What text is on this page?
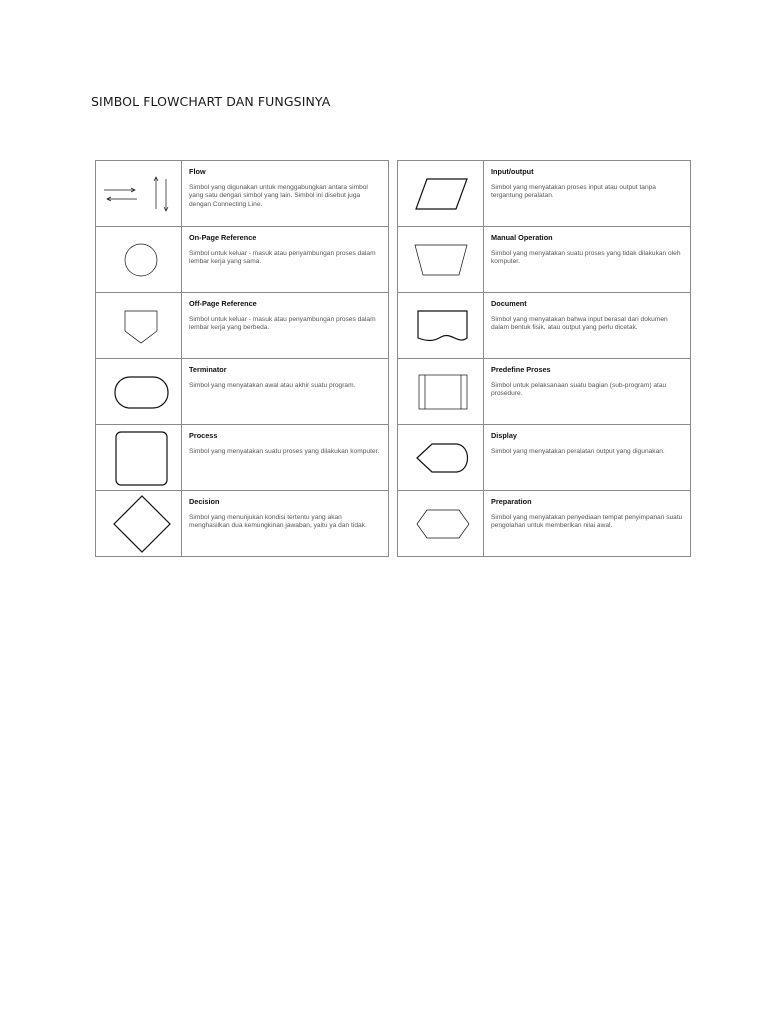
SIMBOL FLOWCHART DAN FUNGSINYA

Flow
Simbol yang digunakan untuk menggabungkan antara simbol yang satu dengan simbol yang lain. Simbol ini disebut juga dengan Connecting Line.

On-Page Reference
Simbol untuk keluar - masuk atau penyambungan proses dalam lembar kerja yang sama.

Off-Page Reference
Simbol untuk keluar - masuk atau penyambungan proses dalam lembar kerja yang berbeda.

Terminator
Simbol yang menyatakan awal atau akhir suatu program.

Process
Simbol yang menyatakan suatu proses yang dilakukan komputer.

Decision
Simbol yang menunjukan kondisi tertentu yang akan menghasilkan dua kemungkinan jawaban, yaitu ya dan tidak.

Input/output
Simbol yang menyatakan proses input atau output tanpa tergantung peralatan.

Manual Operation
Simbol yang menyatakan suatu proses yang tidak dilakukan oleh komputer.

Document
Simbol yang menyatakan bahwa input berasal dari dokumen dalam bentuk fisik, atau output yang perlu dicetak.

Predefine Proses
Simbol untuk pelaksanaan suatu bagian (sub-program) atau prosedure.

Display
Simbol yang menyatakan peralatan output yang digunakan.

Preparation
Simbol yang menyatakan penyediaan tempat penyimpanan suatu pengolahan untuk memberikan nilai awal.
